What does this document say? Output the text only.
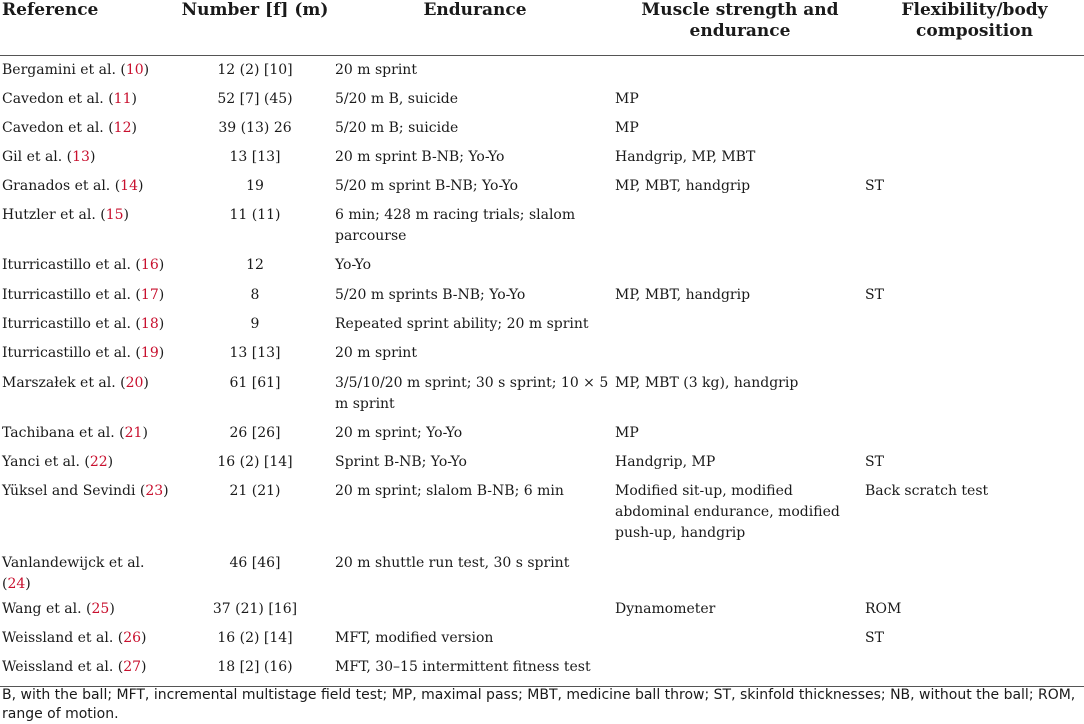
Reference	Number [f] (m)	Endurance	Muscle strength and endurance	Flexibility/body composition
Bergamini et al. (10)	12 (2) [10]	20 m sprint		
Cavedon et al. (11)	52 [7] (45)	5/20 m B, suicide	MP	
Cavedon et al. (12)	39 (13) 26	5/20 m B; suicide	MP	
Gil et al. (13)	13 [13]	20 m sprint B-NB; Yo-Yo	Handgrip, MP, MBT	
Granados et al. (14)	19	5/20 m sprint B-NB; Yo-Yo	MP, MBT, handgrip	ST
Hutzler et al. (15)	11 (11)	6 min; 428 m racing trials; slalom parcourse		
Iturricastillo et al. (16)	12	Yo-Yo		
Iturricastillo et al. (17)	8	5/20 m sprints B-NB; Yo-Yo	MP, MBT, handgrip	ST
Iturricastillo et al. (18)	9	Repeated sprint ability; 20 m sprint		
Iturricastillo et al. (19)	13 [13]	20 m sprint		
Marszałek et al. (20)	61 [61]	3/5/10/20 m sprint; 30 s sprint; 10 × 5 m sprint	MP, MBT (3 kg), handgrip	
Tachibana et al. (21)	26 [26]	20 m sprint; Yo-Yo	MP	
Yanci et al. (22)	16 (2) [14]	Sprint B-NB; Yo-Yo	Handgrip, MP	ST
Yüksel and Sevindi (23)	21 (21)	20 m sprint; slalom B-NB; 6 min	Modified sit-up, modified abdominal endurance, modified push-up, handgrip	Back scratch test
Vanlandewijck et al. (24)	46 [46]	20 m shuttle run test, 30 s sprint		
Wang et al. (25)	37 (21) [16]		Dynamometer	ROM
Weissland et al. (26)	16 (2) [14]	MFT, modified version		ST
Weissland et al. (27)	18 [2] (16)	MFT, 30–15 intermittent fitness test		
B, with the ball; MFT, incremental multistage field test; MP, maximal pass; MBT, medicine ball throw; ST, skinfold thicknesses; NB, without the ball; ROM, range of motion.
